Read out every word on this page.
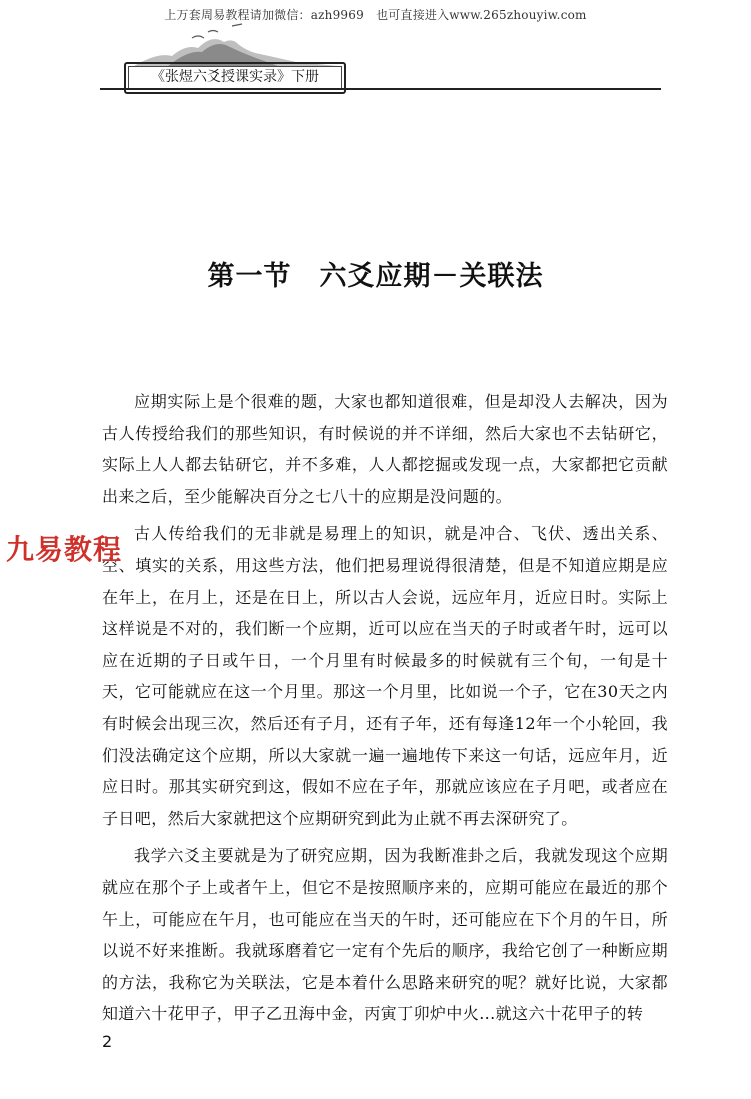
上万套周易教程请加微信：azh9969　也可直接进入www.265zhouyiw.com
《张煜六爻授课实录》下册
第一节　六爻应期－关联法

应期实际上是个很难的题，大家也都知道很难，但是却没人去解决，因为古人传授给我们的那些知识，有时候说的并不详细，然后大家也不去钻研它，实际上人人都去钻研它，并不多难，人人都挖掘或发现一点，大家都把它贡献出来之后，至少能解决百分之七八十的应期是没问题的。

古人传给我们的无非就是易理上的知识，就是冲合、飞伏、透出关系、空、填实的关系，用这些方法，他们把易理说得很清楚，但是不知道应期是应在年上，在月上，还是在日上，所以古人会说，远应年月，近应日时。实际上这样说是不对的，我们断一个应期，近可以应在当天的子时或者午时，远可以应在近期的子日或午日，一个月里有时候最多的时候就有三个旬，一旬是十天，它可能就应在这一个月里。那这一个月里，比如说一个子，它在30天之内有时候会出现三次，然后还有子月，还有子年，还有每逢12年一个小轮回，我们没法确定这个应期，所以大家就一遍一遍地传下来这一句话，远应年月，近应日时。那其实研究到这，假如不应在子年，那就应该应在子月吧，或者应在子日吧，然后大家就把这个应期研究到此为止就不再去深研究了。

我学六爻主要就是为了研究应期，因为我断准卦之后，我就发现这个应期就应在那个子上或者午上，但它不是按照顺序来的，应期可能应在最近的那个午上，可能应在午月，也可能应在当天的午时，还可能应在下个月的午日，所以说不好来推断。我就琢磨着它一定有个先后的顺序，我给它创了一种断应期的方法，我称它为关联法，它是本着什么思路来研究的呢？就好比说，大家都知道六十花甲子，甲子乙丑海中金，丙寅丁卯炉中火...就这六十花甲子的转

九易教程
2
